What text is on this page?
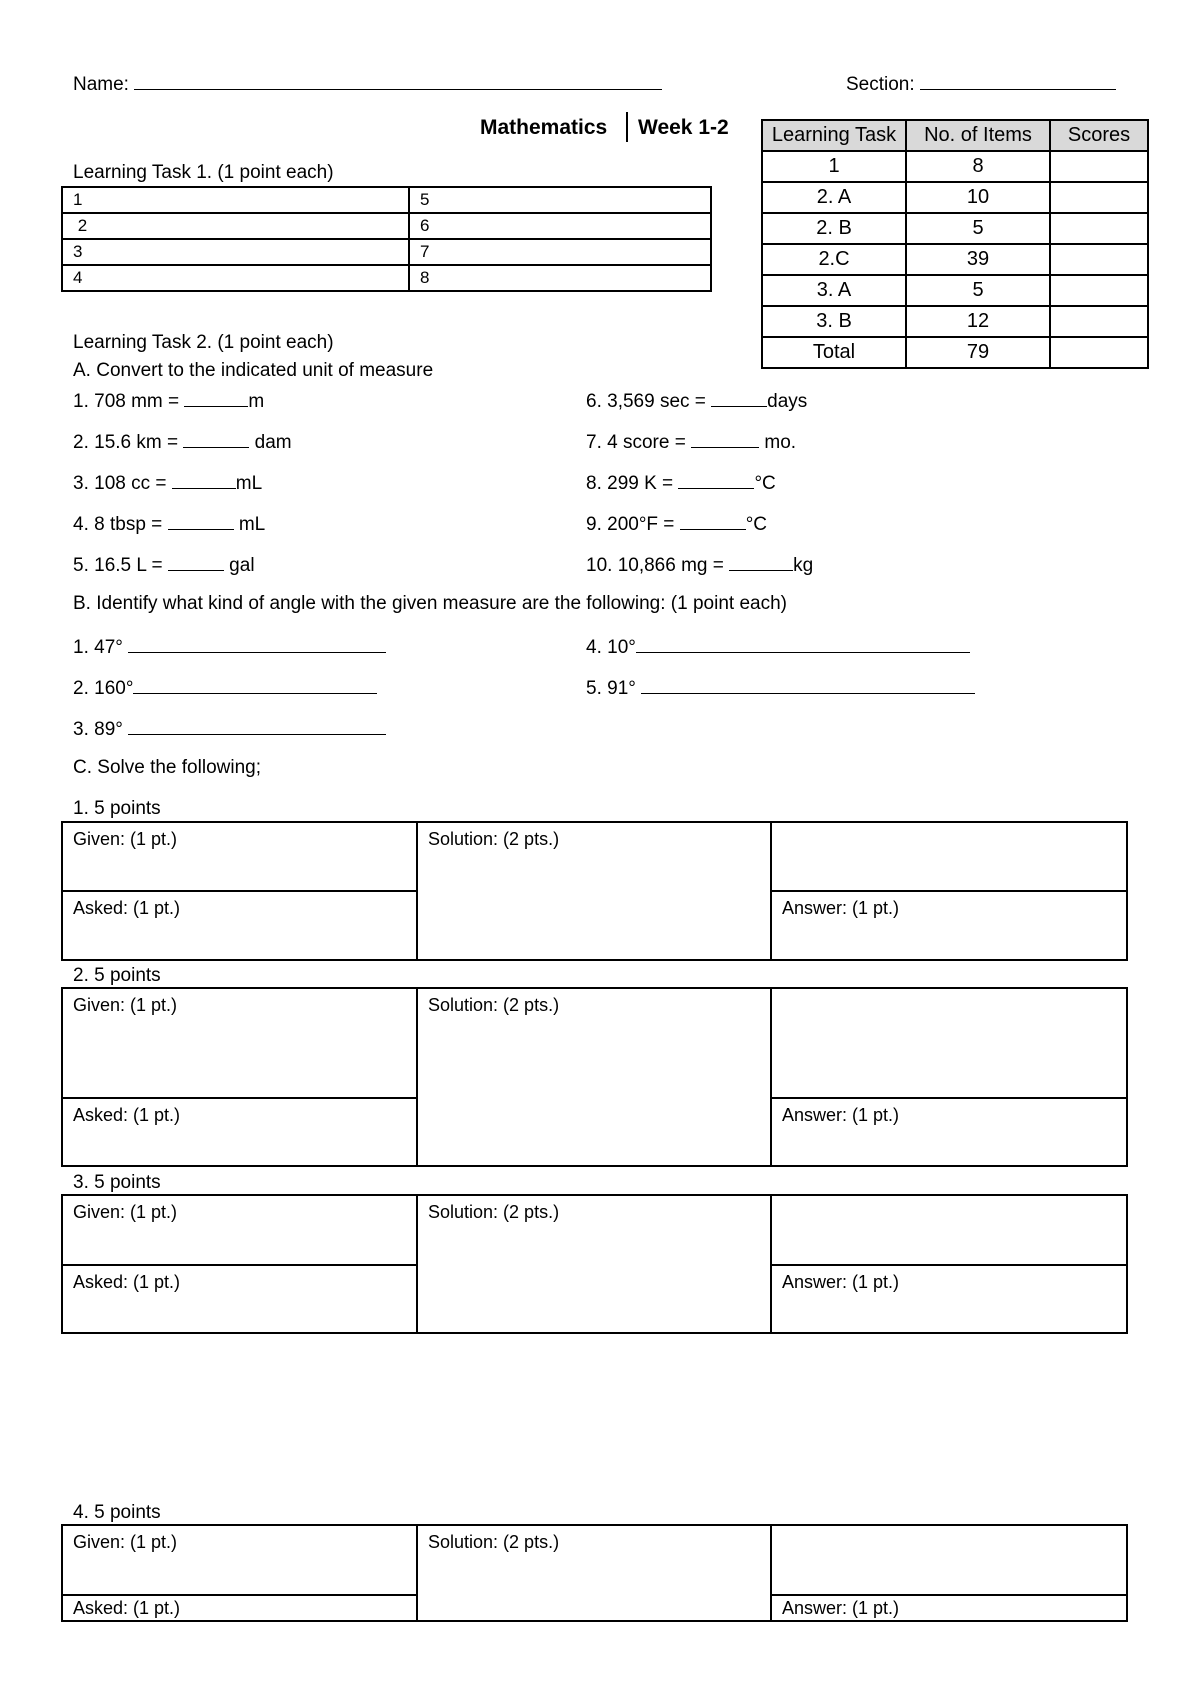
Name:	Section:
Mathematics Week 1-2 Learning Task	No. of Items	Scores
1	8	
2. A	10	
2. B	5	
2.C	39	
3. A	5	
3. B	12	
Total	79	
Learning Task 1. (1 point each)
1	5
2	6
3	7
4	8
Learning Task 2. (1 point each)
A. Convert to the indicated unit of measure
1. 708 mm =	m
2. 15.6 km =	dam
3. 108 cc =	mL
4. 8 tbsp =	mL
5. 16.5 L =	gal
6. 3,569 sec =	days
7. 4 score =	mo.
8. 299 K =	°C
9. 200°F =	°C
10. 10,866 mg =	kg
B. Identify what kind of angle with the given measure are the following: (1 point each)
1. 47°
2. 160°
3. 89°
4. 10°
5. 91°
C. Solve the following;
1. 5 points
Given: (1 pt.)
Asked: (1 pt.)
Solution: (2 pts.)
Answer: (1 pt.)
2. 5 points
Given: (1 pt.)
Asked: (1 pt.)
Solution: (2 pts.)
Answer: (1 pt.)
3. 5 points
Given: (1 pt.)
Asked: (1 pt.)
Solution: (2 pts.)
Answer: (1 pt.)
4. 5 points
Given: (1 pt.)
Asked: (1 pt.)
Solution: (2 pts.)
Answer: (1 pt.)
